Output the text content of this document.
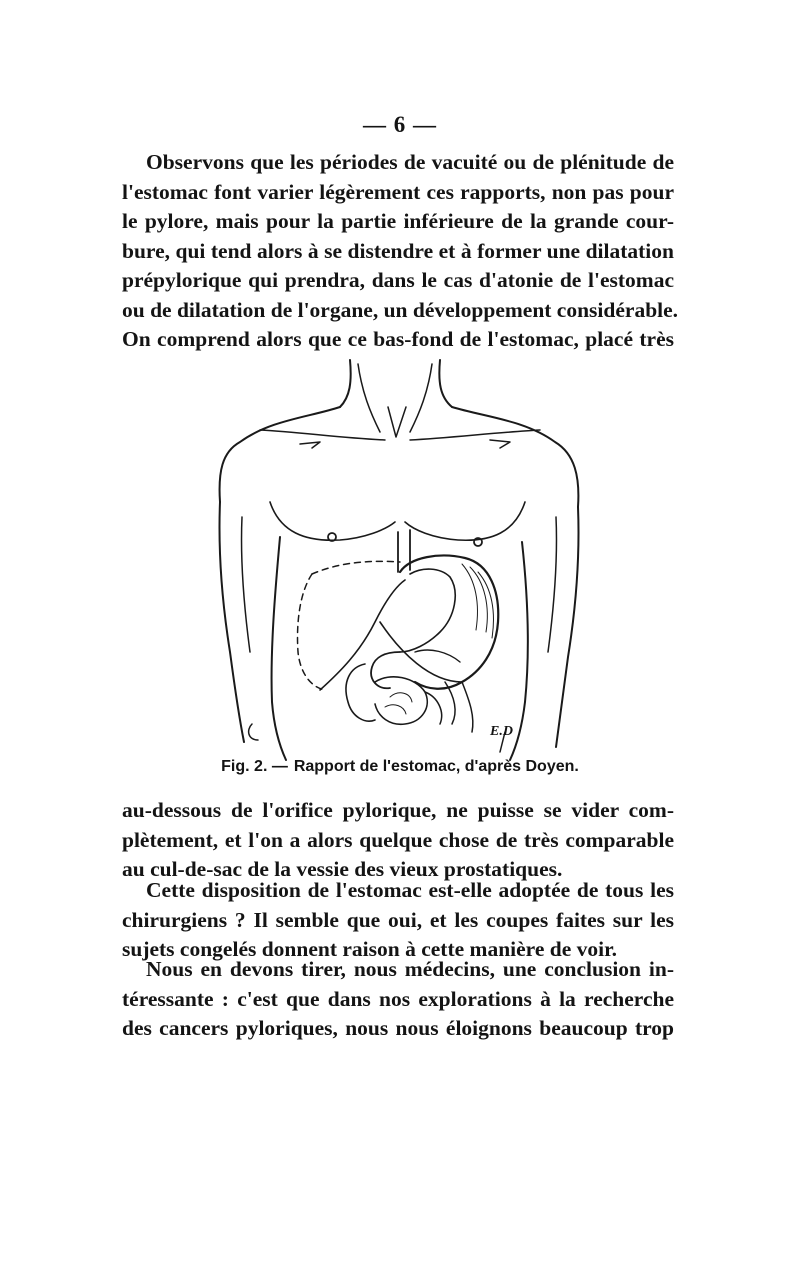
— 6 —

Observons que les périodes de vacuité ou de plénitude de
l'estomac font varier légèrement ces rapports, non pas pour
le pylore, mais pour la partie inférieure de la grande cour-
bure, qui tend alors à se distendre et à former une dilatation
prépylorique qui prendra, dans le cas d'atonie de l'estomac
ou de dilatation de l'organe, un développement considérable.
On comprend alors que ce bas-fond de l'estomac, placé très

E.D
Fig. 2. — Rapport de l'estomac, d'après Doyen.

au-dessous de l'orifice pylorique, ne puisse se vider com-
plètement, et l'on a alors quelque chose de très comparable
au cul-de-sac de la vessie des vieux prostatiques.

Cette disposition de l'estomac est-elle adoptée de tous les
chirurgiens ? Il semble que oui, et les coupes faites sur les
sujets congelés donnent raison à cette manière de voir.

Nous en devons tirer, nous médecins, une conclusion in-
téressante : c'est que dans nos explorations à la recherche
des cancers pyloriques, nous nous éloignons beaucoup trop
